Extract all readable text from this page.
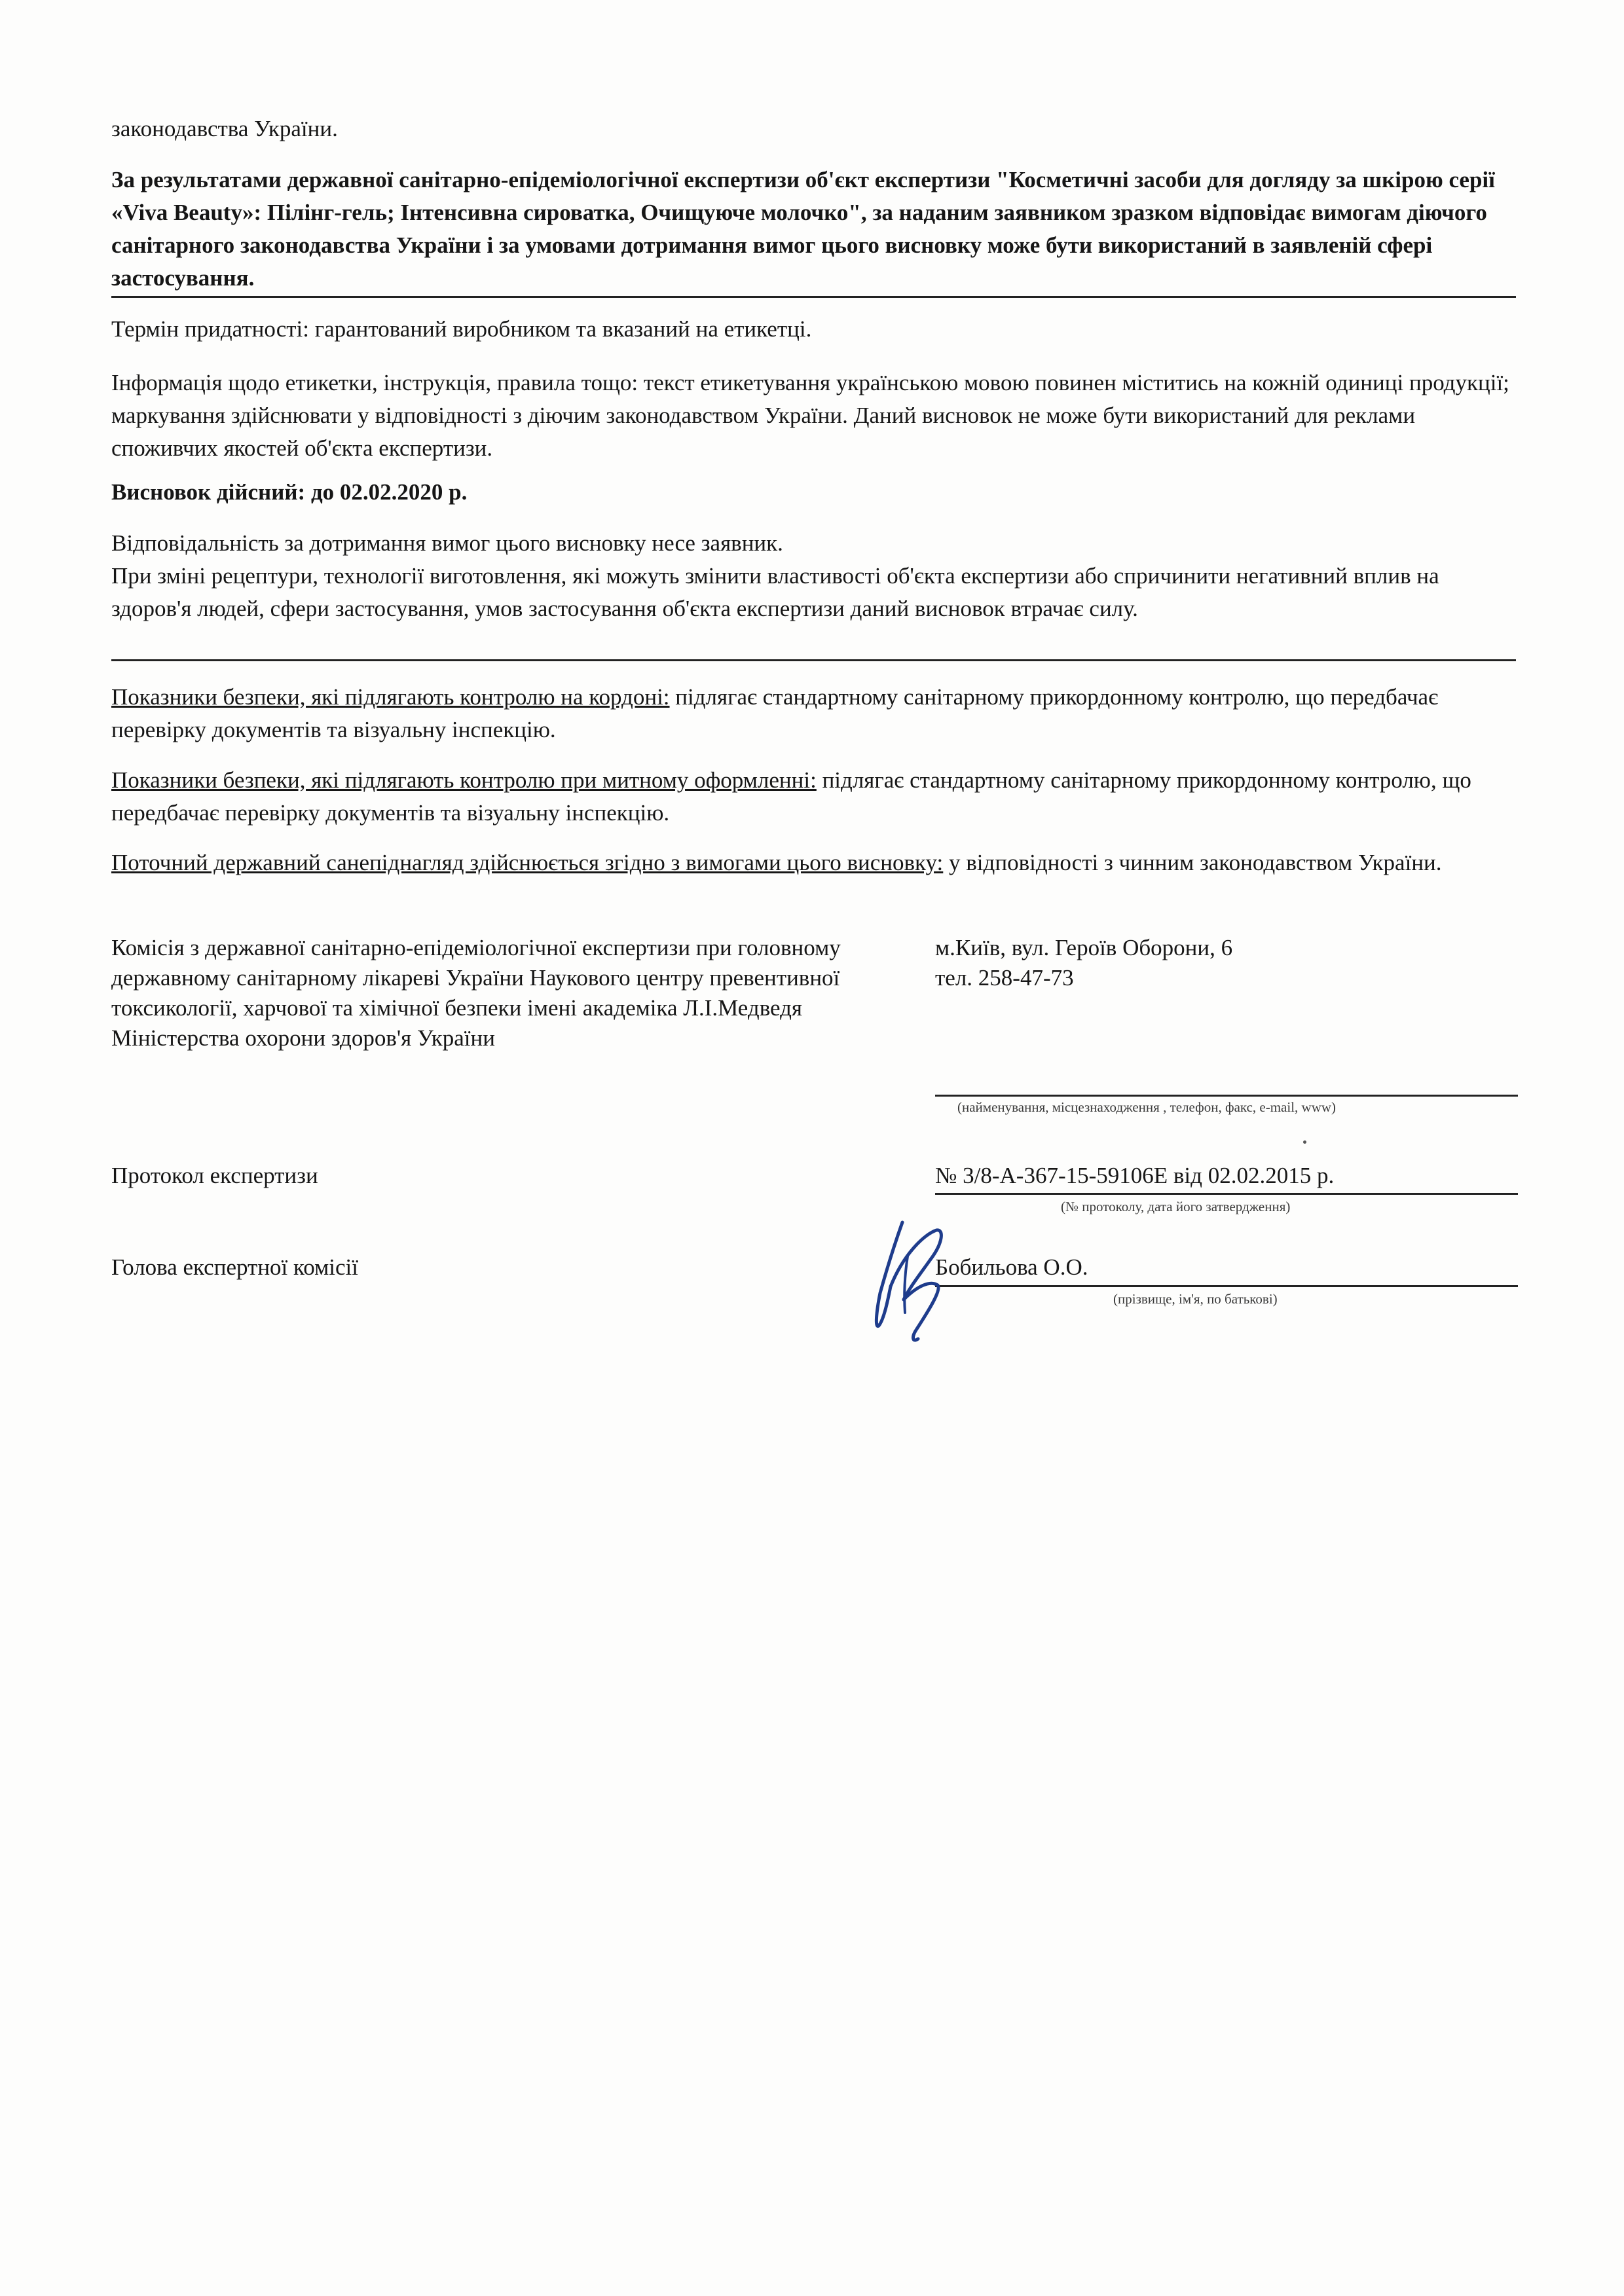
законодавства України.
За результатами державної санітарно-епідеміологічної експертизи об'єкт експертизи "Косметичні засоби для догляду за шкірою серії «Viva Beauty»: Пілінг-гель; Інтенсивна сироватка, Очищуюче молочко", за наданим заявником зразком відповідає вимогам діючого санітарного законодавства України і за умовами дотримання вимог цього висновку може бути використаний в заявленій сфері застосування.
Термін придатності: гарантований виробником та вказаний на етикетці.
Інформація щодо етикетки, інструкція, правила тощо: текст етикетування українською мовою повинен міститись на кожній одиниці продукції; маркування здійснювати у відповідності з діючим законодавством України. Даний висновок не може бути використаний для реклами споживчих якостей об'єкта експертизи.
Висновок дійсний: до 02.02.2020 р.
Відповідальність за дотримання вимог цього висновку несе заявник.
При зміні рецептури, технології виготовлення, які можуть змінити властивості об'єкта експертизи або спричинити негативний вплив на здоров'я людей, сфери застосування, умов застосування об'єкта експертизи даний висновок втрачає силу.
Показники безпеки, які підлягають контролю на кордоні: підлягає стандартному санітарному прикордонному контролю, що передбачає перевірку документів та візуальну інспекцію.
Показники безпеки, які підлягають контролю при митному оформленні: підлягає стандартному санітарному прикордонному контролю, що передбачає перевірку документів та візуальну інспекцію.
Поточний державний санепіднагляд здійснюється згідно з вимогами цього висновку: у відповідності з чинним законодавством України.
Комісія з державної санітарно-епідеміологічної експертизи при головному державному санітарному лікареві України Наукового центру превентивної токсикології, харчової та хімічної безпеки імені академіка Л.І.Медведя Міністерства охорони здоров'я України
м.Київ, вул. Героїв Оборони, 6
тел. 258-47-73
(найменування, місцезнаходження , телефон, факс, e-mail, www)
Протокол експертизи	№ 3/8-А-367-15-59106Е від 02.02.2015 р.
(№ протоколу, дата його затвердження)
Голова експертної комісії	Бобильова О.О.
(прізвище, ім'я, по батькові)
